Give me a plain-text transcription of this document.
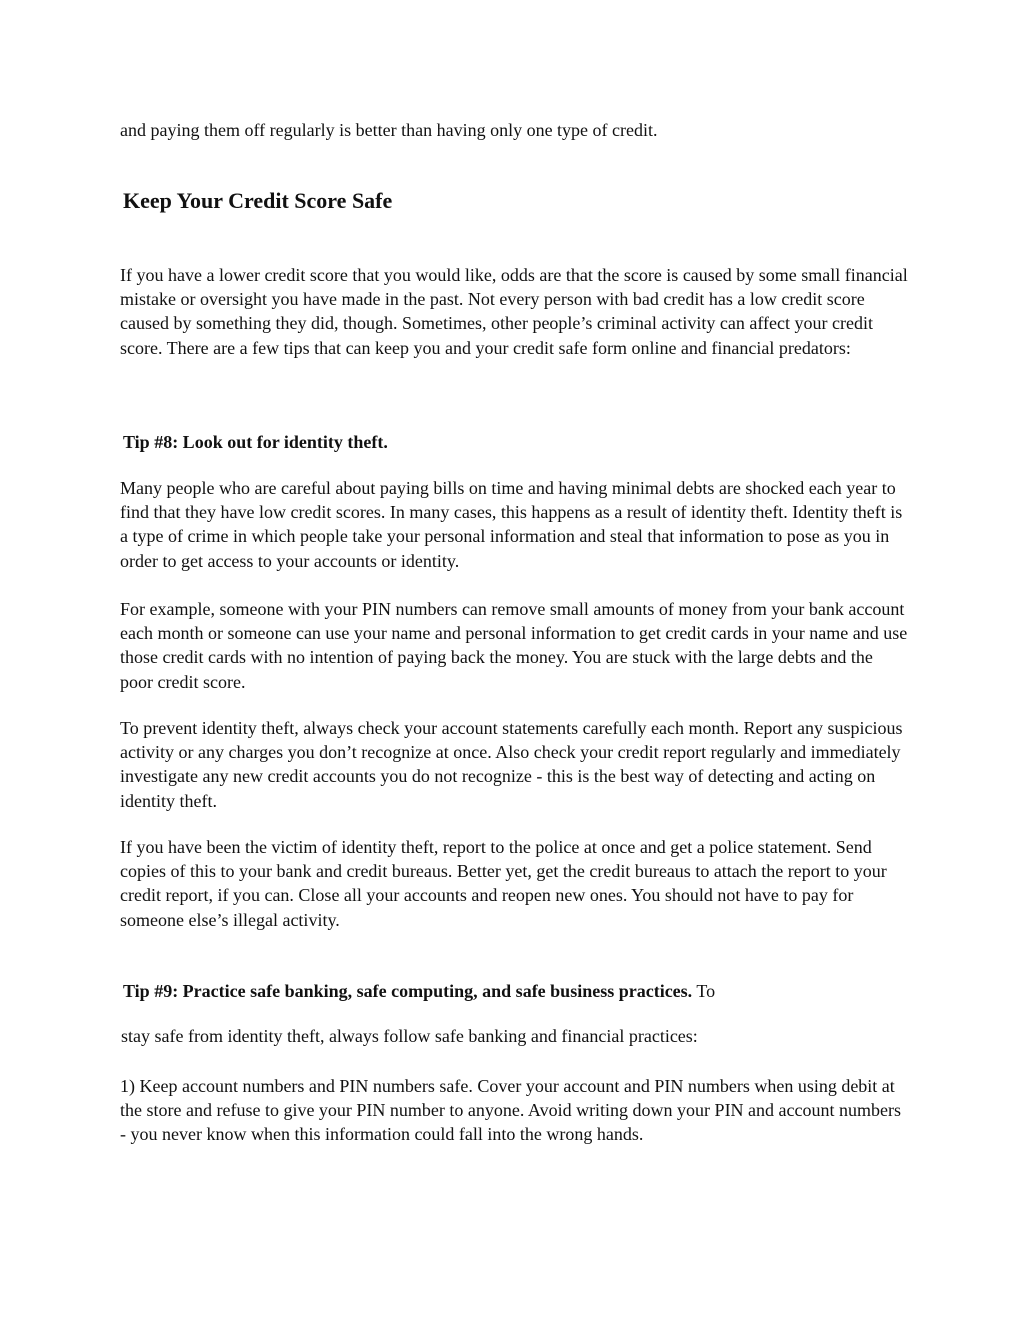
and paying them off regularly is better than having only one type of credit.
Keep Your Credit Score Safe

If you have a lower credit score that you would like, odds are that the score is caused by some small financial mistake or oversight you have made in the past. Not every person with bad credit has a low credit score caused by something they did, though. Sometimes, other people’s criminal activity can affect your credit score. There are a few tips that can keep you and your credit safe form online and financial predators:

Tip #8: Look out for identity theft.

Many people who are careful about paying bills on time and having minimal debts are shocked each year to find that they have low credit scores. In many cases, this happens as a result of identity theft. Identity theft is a type of crime in which people take your personal information and steal that information to pose as you in order to get access to your accounts or identity.

For example, someone with your PIN numbers can remove small amounts of money from your bank account each month or someone can use your name and personal information to get credit cards in your name and use those credit cards with no intention of paying back the money. You are stuck with the large debts and the poor credit score.

To prevent identity theft, always check your account statements carefully each month. Report any suspicious activity or any charges you don’t recognize at once. Also check your credit report regularly and immediately investigate any new credit accounts you do not recognize - this is the best way of detecting and acting on identity theft.

If you have been the victim of identity theft, report to the police at once and get a police statement. Send copies of this to your bank and credit bureaus. Better yet, get the credit bureaus to attach the report to your credit report, if you can. Close all your accounts and reopen new ones. You should not have to pay for someone else’s illegal activity.

Tip #9: Practice safe banking, safe computing, and safe business practices. To
stay safe from identity theft, always follow safe banking and financial practices:

1) Keep account numbers and PIN numbers safe. Cover your account and PIN numbers when using debit at the store and refuse to give your PIN number to anyone. Avoid writing down your PIN and account numbers - you never know when this information could fall into the wrong hands.
